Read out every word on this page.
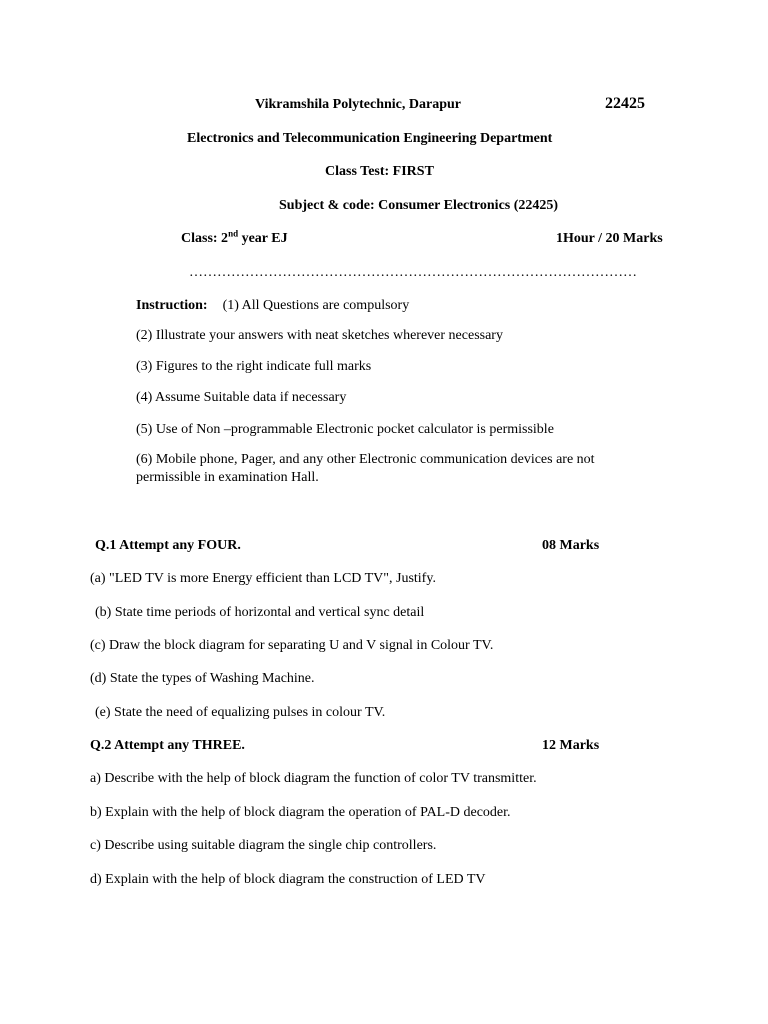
Vikramshila Polytechnic, Darapur	22425
Electronics and Telecommunication Engineering Department
Class Test: FIRST
Subject & code: Consumer Electronics (22425)
Class: 2nd year EJ	1Hour / 20 Marks
……………………………………………………………………………………
Instruction: (1) All Questions are compulsory
(2) Illustrate your answers with neat sketches wherever necessary
(3) Figures to the right indicate full marks
(4) Assume Suitable data if necessary
(5) Use of Non –programmable Electronic pocket calculator is permissible
(6) Mobile phone, Pager, and any other Electronic communication devices are not permissible in examination Hall.
Q.1 Attempt any FOUR.	08 Marks
(a) "LED TV is more Energy efficient than LCD TV", Justify.
(b) State time periods of horizontal and vertical sync detail
(c) Draw the block diagram for separating U and V signal in Colour TV.
(d) State the types of Washing Machine.
(e) State the need of equalizing pulses in colour TV.
Q.2 Attempt any THREE.	12 Marks
a) Describe with the help of block diagram the function of color TV transmitter.
b) Explain with the help of block diagram the operation of PAL-D decoder.
c) Describe using suitable diagram the single chip controllers.
d) Explain with the help of block diagram the construction of LED TV
